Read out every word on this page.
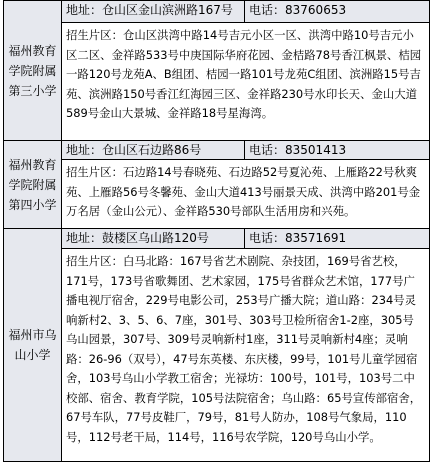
福州教育学院附属第三小学	地址：仓山区金山滨洲路167号	电话：83760653
	招生片区：仓山区洪湾中路14号吉元小区一区、洪湾中路10号吉元小区二区、金祥路533号中庚国际华府花园、金桔路78号香江枫景、桔园一路120号龙苑A、B组团、桔园一路101号龙苑C组团、滨洲路15号吉苑、滨洲路150号香江红海园三区、金祥路230号水印长天、金山大道589号金山大景城、金祥路18号星海湾。	

福州教育学院附属第四小学	地址：仓山区石边路86号	电话：83501413
	招生片区：石边路14号春晓苑、石边路52号夏沁苑、上雁路22号秋爽苑、上雁路56号冬馨苑、金山大道413号丽景天成、洪湾中路201号金万名居（金山公元）、金祥路530号部队生活用房和兴苑。	

福州市乌山小学	地址：鼓楼区乌山路120号	电话：83571691
	招生片区：白马北路：167号省艺术剧院、杂技团，169号省艺校，171号，173号省歌舞团、艺术家园，175号省群众艺术馆，177号广播电视厅宿舍，229号电影公司，253号广播大院；道山路：234号灵响新村2、3、5、6、7座，301号、303号卫检所宿舍1-2座，305号乌山园景，307号、309号灵响新村1座，311号灵响新村4座；灵响路：26-96（双号），47号东英楼、东庆楼，99号，101号儿童学园宿舍，103号乌山小学教工宿舍；光禄坊：100号，101号，103号二中校部、宿舍、教育学院，105号法院宿舍；乌山路：65号宣传部宿舍，67号车队，77号皮鞋厂，79号，81号人防办，108号气象局，110号，112号老干局，114号，116号农学院，120号乌山小学。	
